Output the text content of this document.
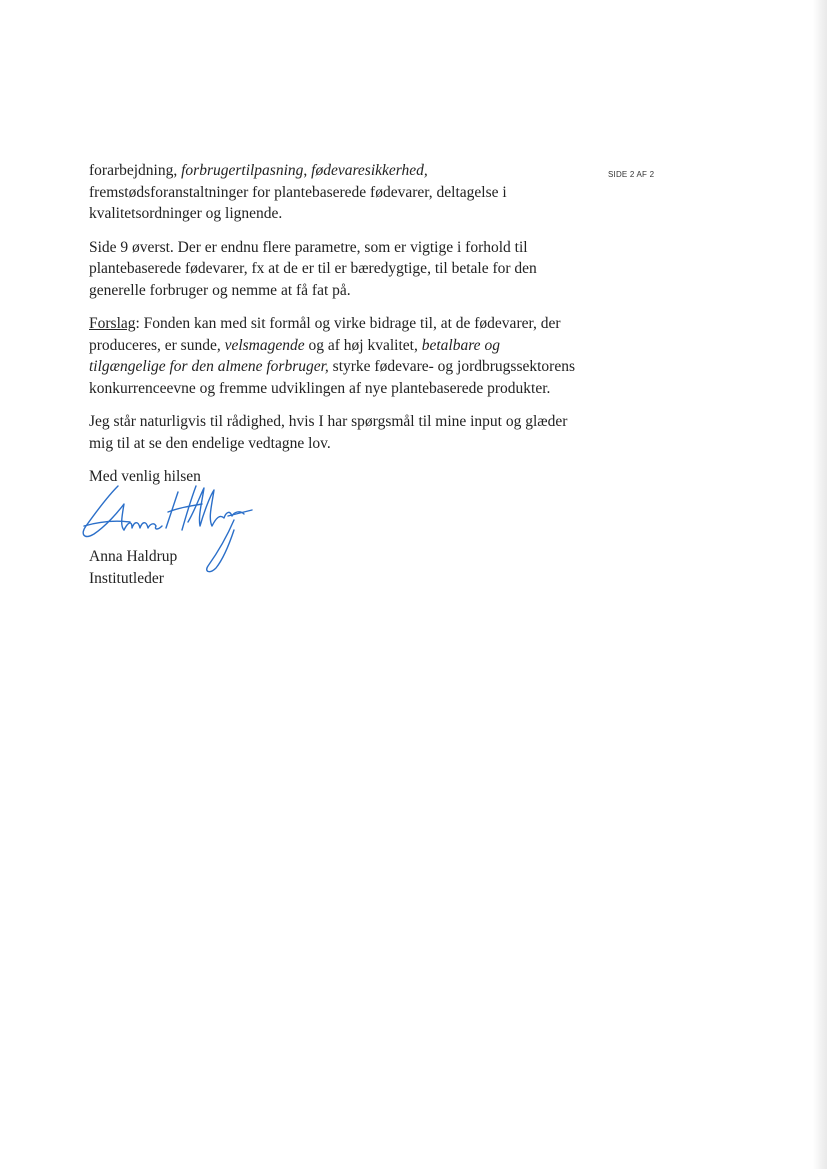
SIDE 2 AF 2

forarbejdning, forbrugertilpasning, fødevaresikkerhed, fremstødsforanstaltninger for plantebaserede fødevarer, deltagelse i kvalitetsordninger og lignende.

Side 9 øverst. Der er endnu flere parametre, som er vigtige i forhold til plantebaserede fødevarer, fx at de er til er bæredygtige, til betale for den generelle forbruger og nemme at få fat på.

Forslag: Fonden kan med sit formål og virke bidrage til, at de fødevarer, der produceres, er sunde, velsmagende og af høj kvalitet, betalbare og tilgængelige for den almene forbruger, styrke fødevare- og jordbrugssektorens konkurrenceevne og fremme udviklingen af nye plantebaserede produkter.

Jeg står naturligvis til rådighed, hvis I har spørgsmål til mine input og glæder mig til at se den endelige vedtagne lov.

Med venlig hilsen
Anna Haldrup
Institutleder
